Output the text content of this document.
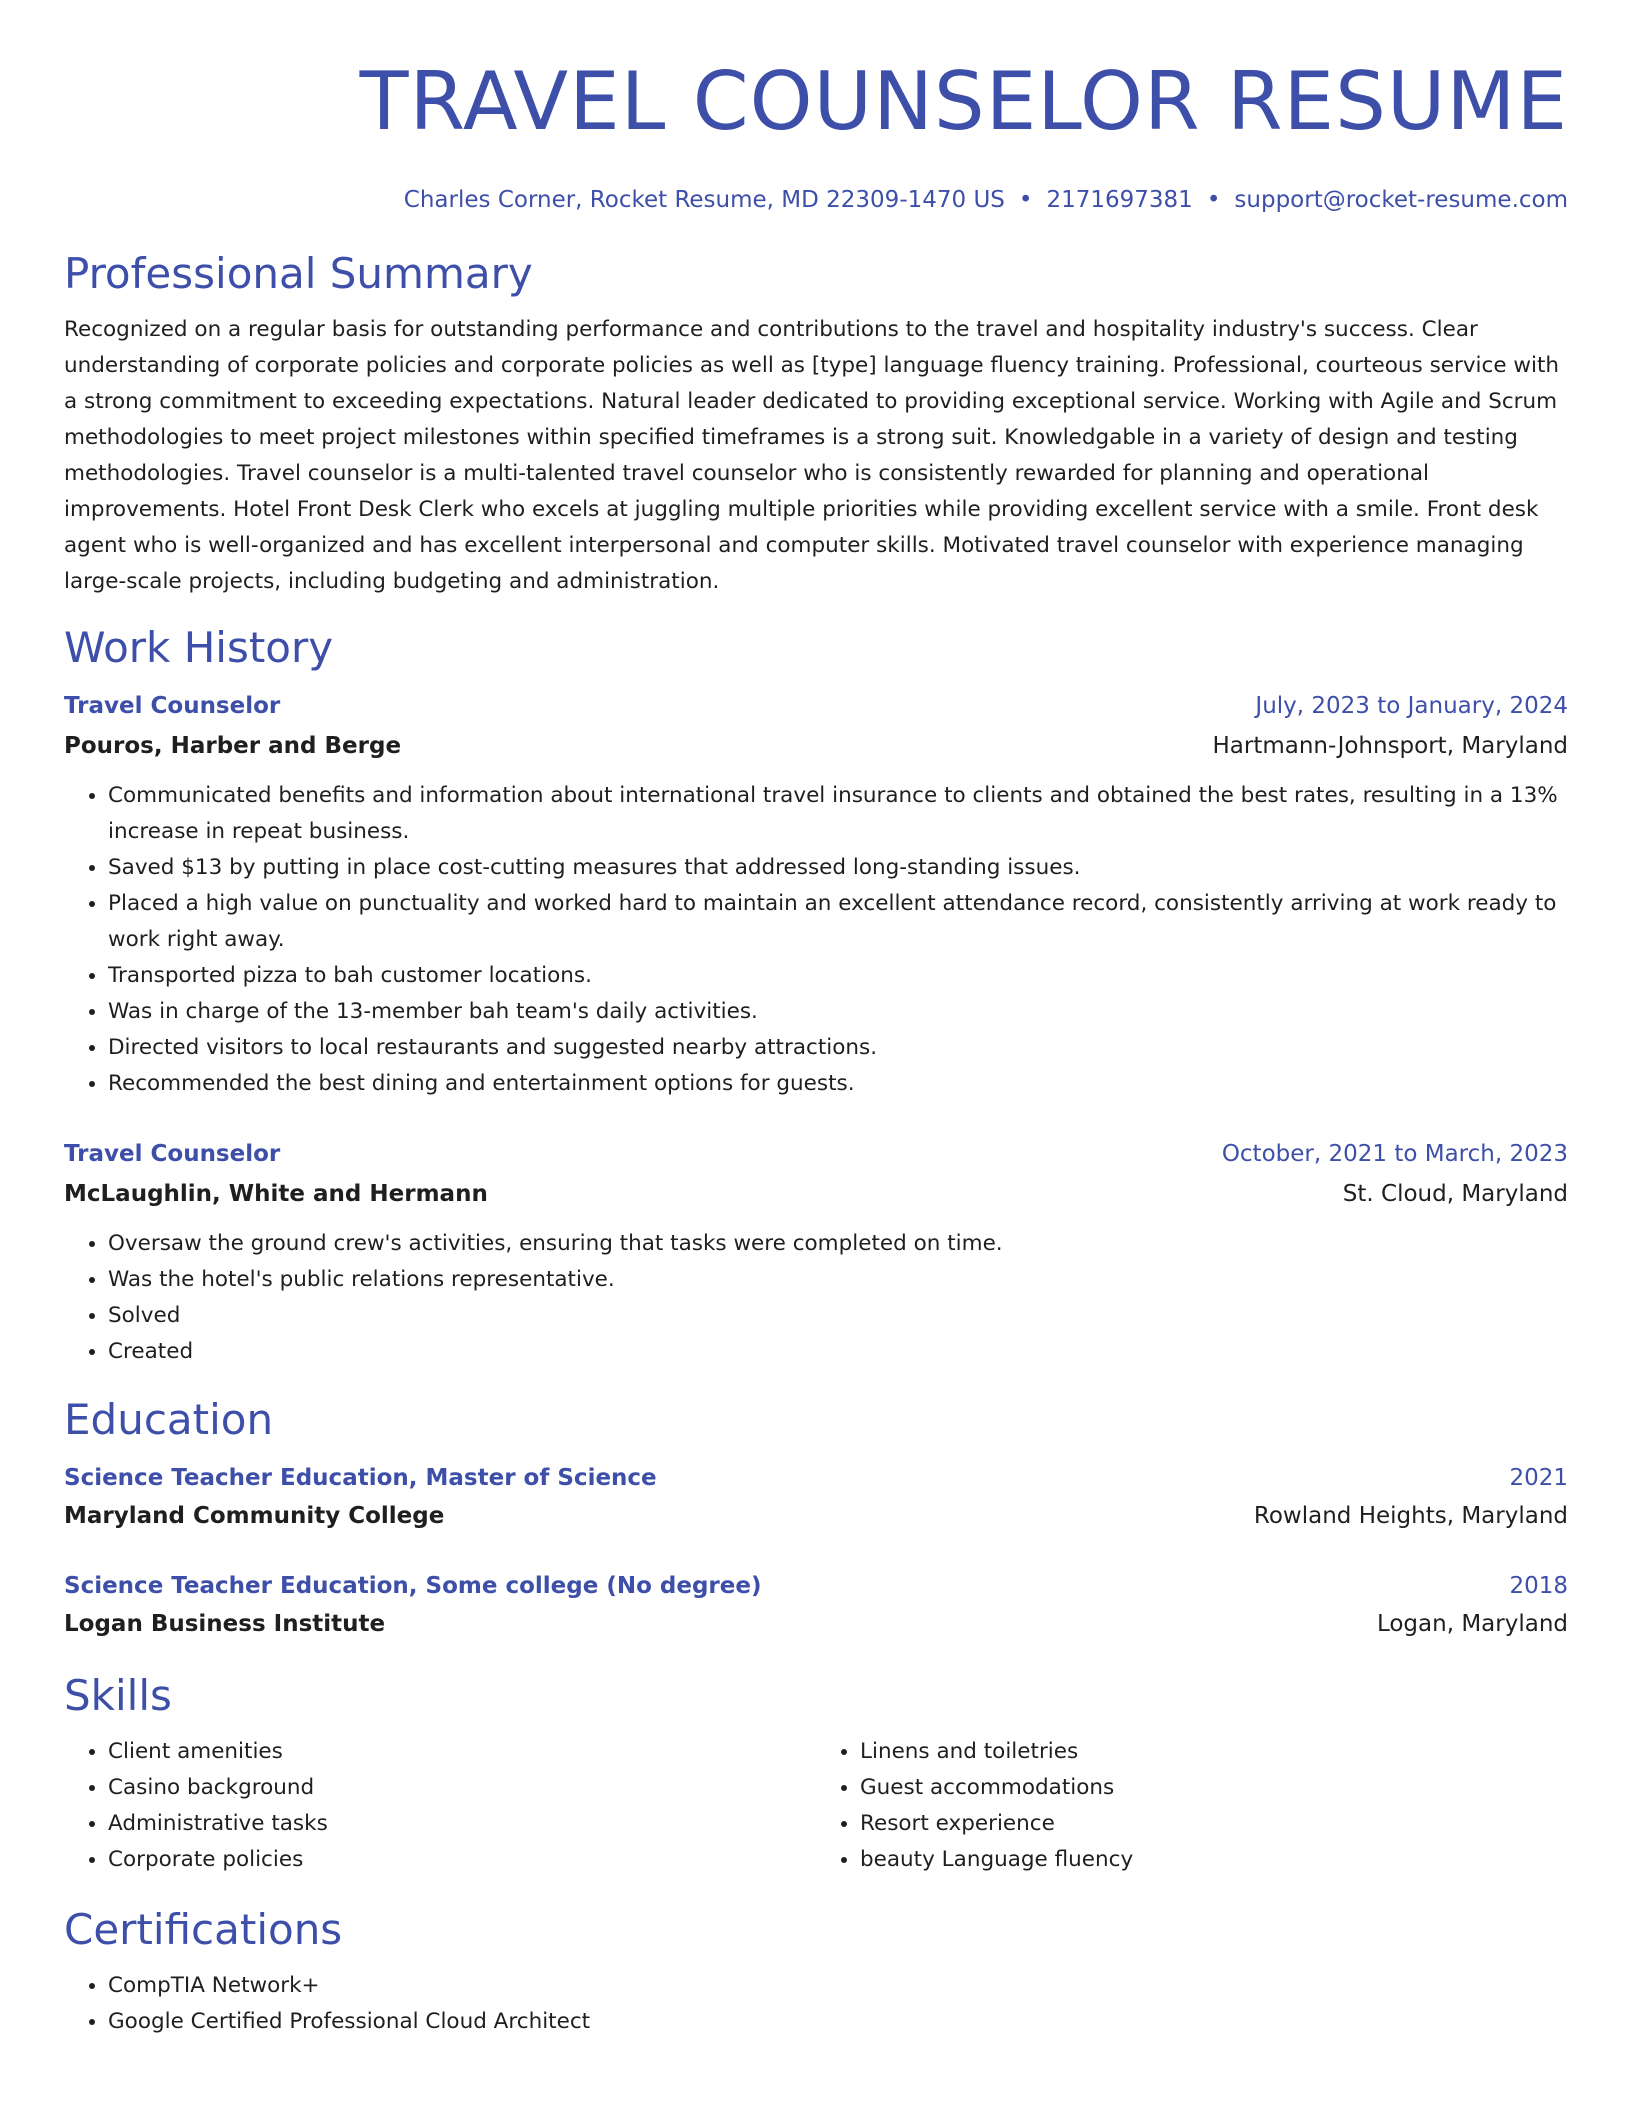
TRAVEL COUNSELOR RESUME
Charles Corner, Rocket Resume, MD 22309-1470 US • 2171697381 • support@rocket-resume.com
Professional Summary

Recognized on a regular basis for outstanding performance and contributions to the travel and hospitality industry's success. Clear understanding of corporate policies and corporate policies as well as [type] language fluency training. Professional, courteous service with a strong commitment to exceeding expectations. Natural leader dedicated to providing exceptional service. Working with Agile and Scrum methodologies to meet project milestones within specified timeframes is a strong suit. Knowledgable in a variety of design and testing methodologies. Travel counselor is a multi-talented travel counselor who is consistently rewarded for planning and operational improvements. Hotel Front Desk Clerk who excels at juggling multiple priorities while providing excellent service with a smile. Front desk agent who is well-organized and has excellent interpersonal and computer skills. Motivated travel counselor with experience managing large-scale projects, including budgeting and administration.

Work History
Travel Counselor	July, 2023 to January, 2024
Pouros, Harber and Berge	Hartmann-Johnsport, Maryland
• Communicated benefits and information about international travel insurance to clients and obtained the best rates, resulting in a 13% increase in repeat business.
• Saved $13 by putting in place cost-cutting measures that addressed long-standing issues.
• Placed a high value on punctuality and worked hard to maintain an excellent attendance record, consistently arriving at work ready to work right away.
• Transported pizza to bah customer locations.
• Was in charge of the 13-member bah team's daily activities.
• Directed visitors to local restaurants and suggested nearby attractions.
• Recommended the best dining and entertainment options for guests.
Travel Counselor	October, 2021 to March, 2023
McLaughlin, White and Hermann	St. Cloud, Maryland
• Oversaw the ground crew's activities, ensuring that tasks were completed on time.
• Was the hotel's public relations representative.
• Solved
• Created
Education
Science Teacher Education, Master of Science	2021
Maryland Community College	Rowland Heights, Maryland
Science Teacher Education, Some college (No degree)	2018
Logan Business Institute	Logan, Maryland
Skills
• Client amenities
• Casino background
• Administrative tasks
• Corporate policies
• Linens and toiletries
• Guest accommodations
• Resort experience
• beauty Language fluency
Certifications
• CompTIA Network+
• Google Certified Professional Cloud Architect
